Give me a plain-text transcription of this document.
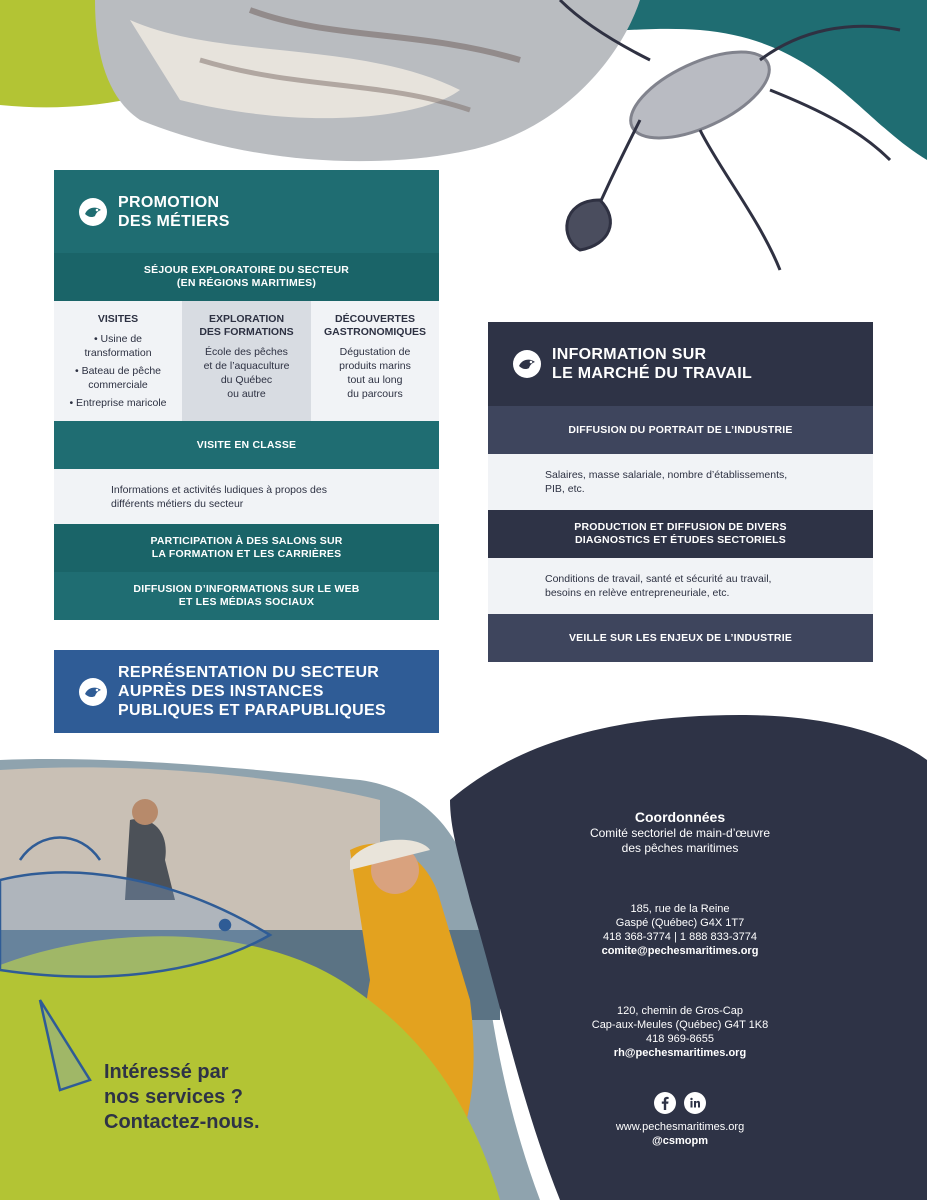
PROMOTION
DES MÉTIERS
SÉJOUR EXPLORATOIRE DU SECTEUR
(EN RÉGIONS MARITIMES)
VISITES

• Usine de
transformation

• Bateau de pêche
commerciale

• Entreprise maricole

EXPLORATION
DES FORMATIONS

École des pêches
et de l’aquaculture
du Québec
ou autre

DÉCOUVERTES
GASTRONOMIQUES

Dégustation de
produits marins
tout au long
du parcours

VISITE EN CLASSE
Informations et activités ludiques à propos des
différents métiers du secteur
PARTICIPATION À DES SALONS SUR
LA FORMATION ET LES CARRIÈRES
DIFFUSION D’INFORMATIONS SUR LE WEB
ET LES MÉDIAS SOCIAUX
REPRÉSENTATION DU SECTEUR
AUPRÈS DES INSTANCES
PUBLIQUES ET PARAPUBLIQUES
INFORMATION SUR
LE MARCHÉ DU TRAVAIL
DIFFUSION DU PORTRAIT DE L’INDUSTRIE
Salaires, masse salariale, nombre d’établissements,
PIB, etc.
PRODUCTION ET DIFFUSION DE DIVERS
DIAGNOSTICS ET ÉTUDES SECTORIELS
Conditions de travail, santé et sécurité au travail,
besoins en relève entrepreneuriale, etc.
VEILLE SUR LES ENJEUX DE L’INDUSTRIE
Coordonnées
Comité sectoriel de main-d’œuvre
des pêches maritimes
185, rue de la Reine
Gaspé (Québec) G4X 1T7
418 368-3774 | 1 888 833-3774
comite@pechesmaritimes.org
120, chemin de Gros-Cap
Cap-aux-Meules (Québec) G4T 1K8
418 969-8655
rh@pechesmaritimes.org
www.pechesmaritimes.org
@csmopm
Intéressé par
nos services ?
Contactez-nous.
